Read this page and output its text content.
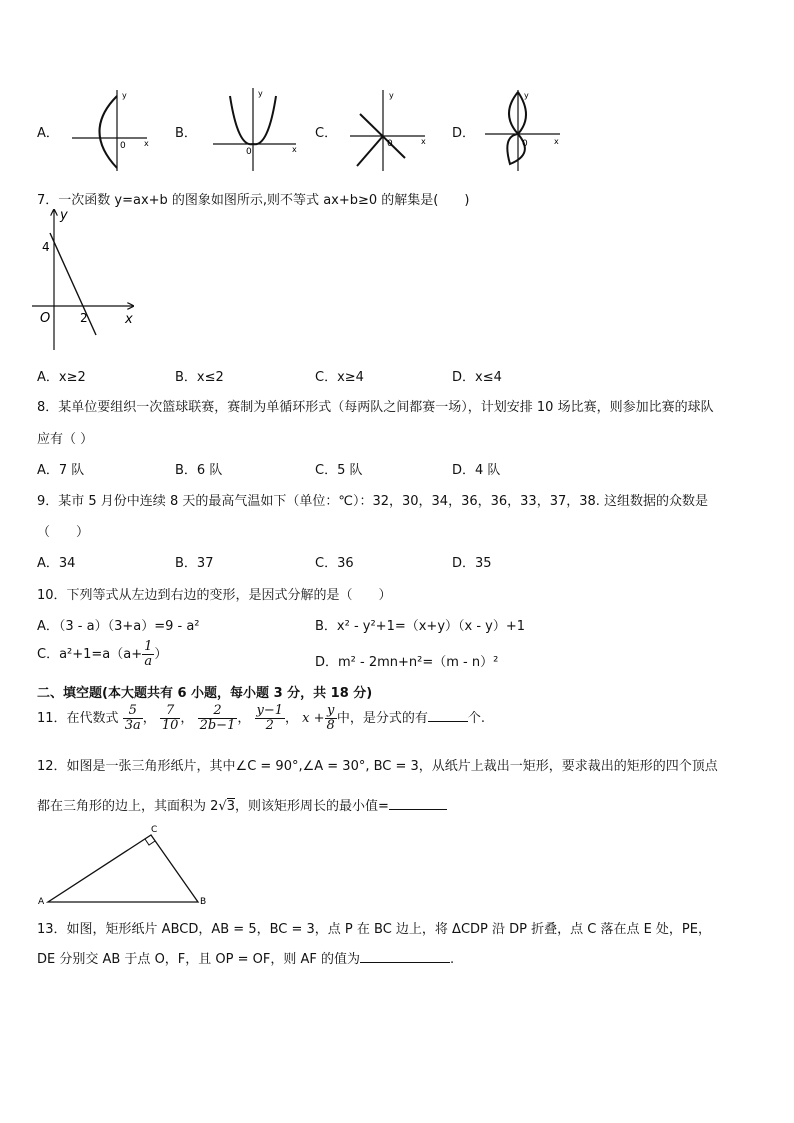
A．
y
x
0
B．
y
x
0
C．
y
x
0
D．
y
x
0
7．一次函数 y=ax+b 的图象如图所示,则不等式 ax+b≥0 的解集是(　　)
y
x
O
4
2
A．x≥2	B．x≤2	C．x≥4	D．x≤4
8．某单位要组织一次篮球联赛，赛制为单循环形式（每两队之间都赛一场），计划安排 10 场比赛，则参加比赛的球队
应有（ ）
A．7 队	B．6 队	C．5 队	D．4 队
9．某市 5 月份中连续 8 天的最高气温如下（单位：℃）：32，30，34，36，36，33，37，38. 这组数据的众数是
（　　）
A．34	B．37	C．36	D．35
10．下列等式从左边到右边的变形，是因式分解的是（　　）
A．（3 - a）（3+a）=9 - a²	B．x² - y²+1=（x+y）（x - y）+1
C．$a^2+1=a(a+ \frac{1}{a}$ ）
D．m² - 2mn+n²=（m - n）²
二、填空题(本大题共有 6 小题，每小题 3 分，共 18 分)
11．在代数式 $\frac{5}{3a}$ ， $\frac{7}{10}$ ， $\frac{2}{2b-1}$ ， $\frac{y-1}{2}$ ， $x + \frac{y}{8}$ 中，是分式的有	个.
12．如图是一张三角形纸片，其中∠C = 90°,∠A = 30°, BC = 3，从纸片上裁出一矩形，要求裁出的矩形的四个顶点
都在三角形的边上，其面积为 2√3，则该矩形周长的最小值=
A	B
C
13．如图，矩形纸片 ABCD，AB = 5，BC = 3，点 P 在 BC 边上，将 ΔCDP 沿 DP 折叠，点 C 落在点 E 处，PE，
DE 分别交 AB 于点 O，F，且 OP = OF，则 AF 的值为	.
